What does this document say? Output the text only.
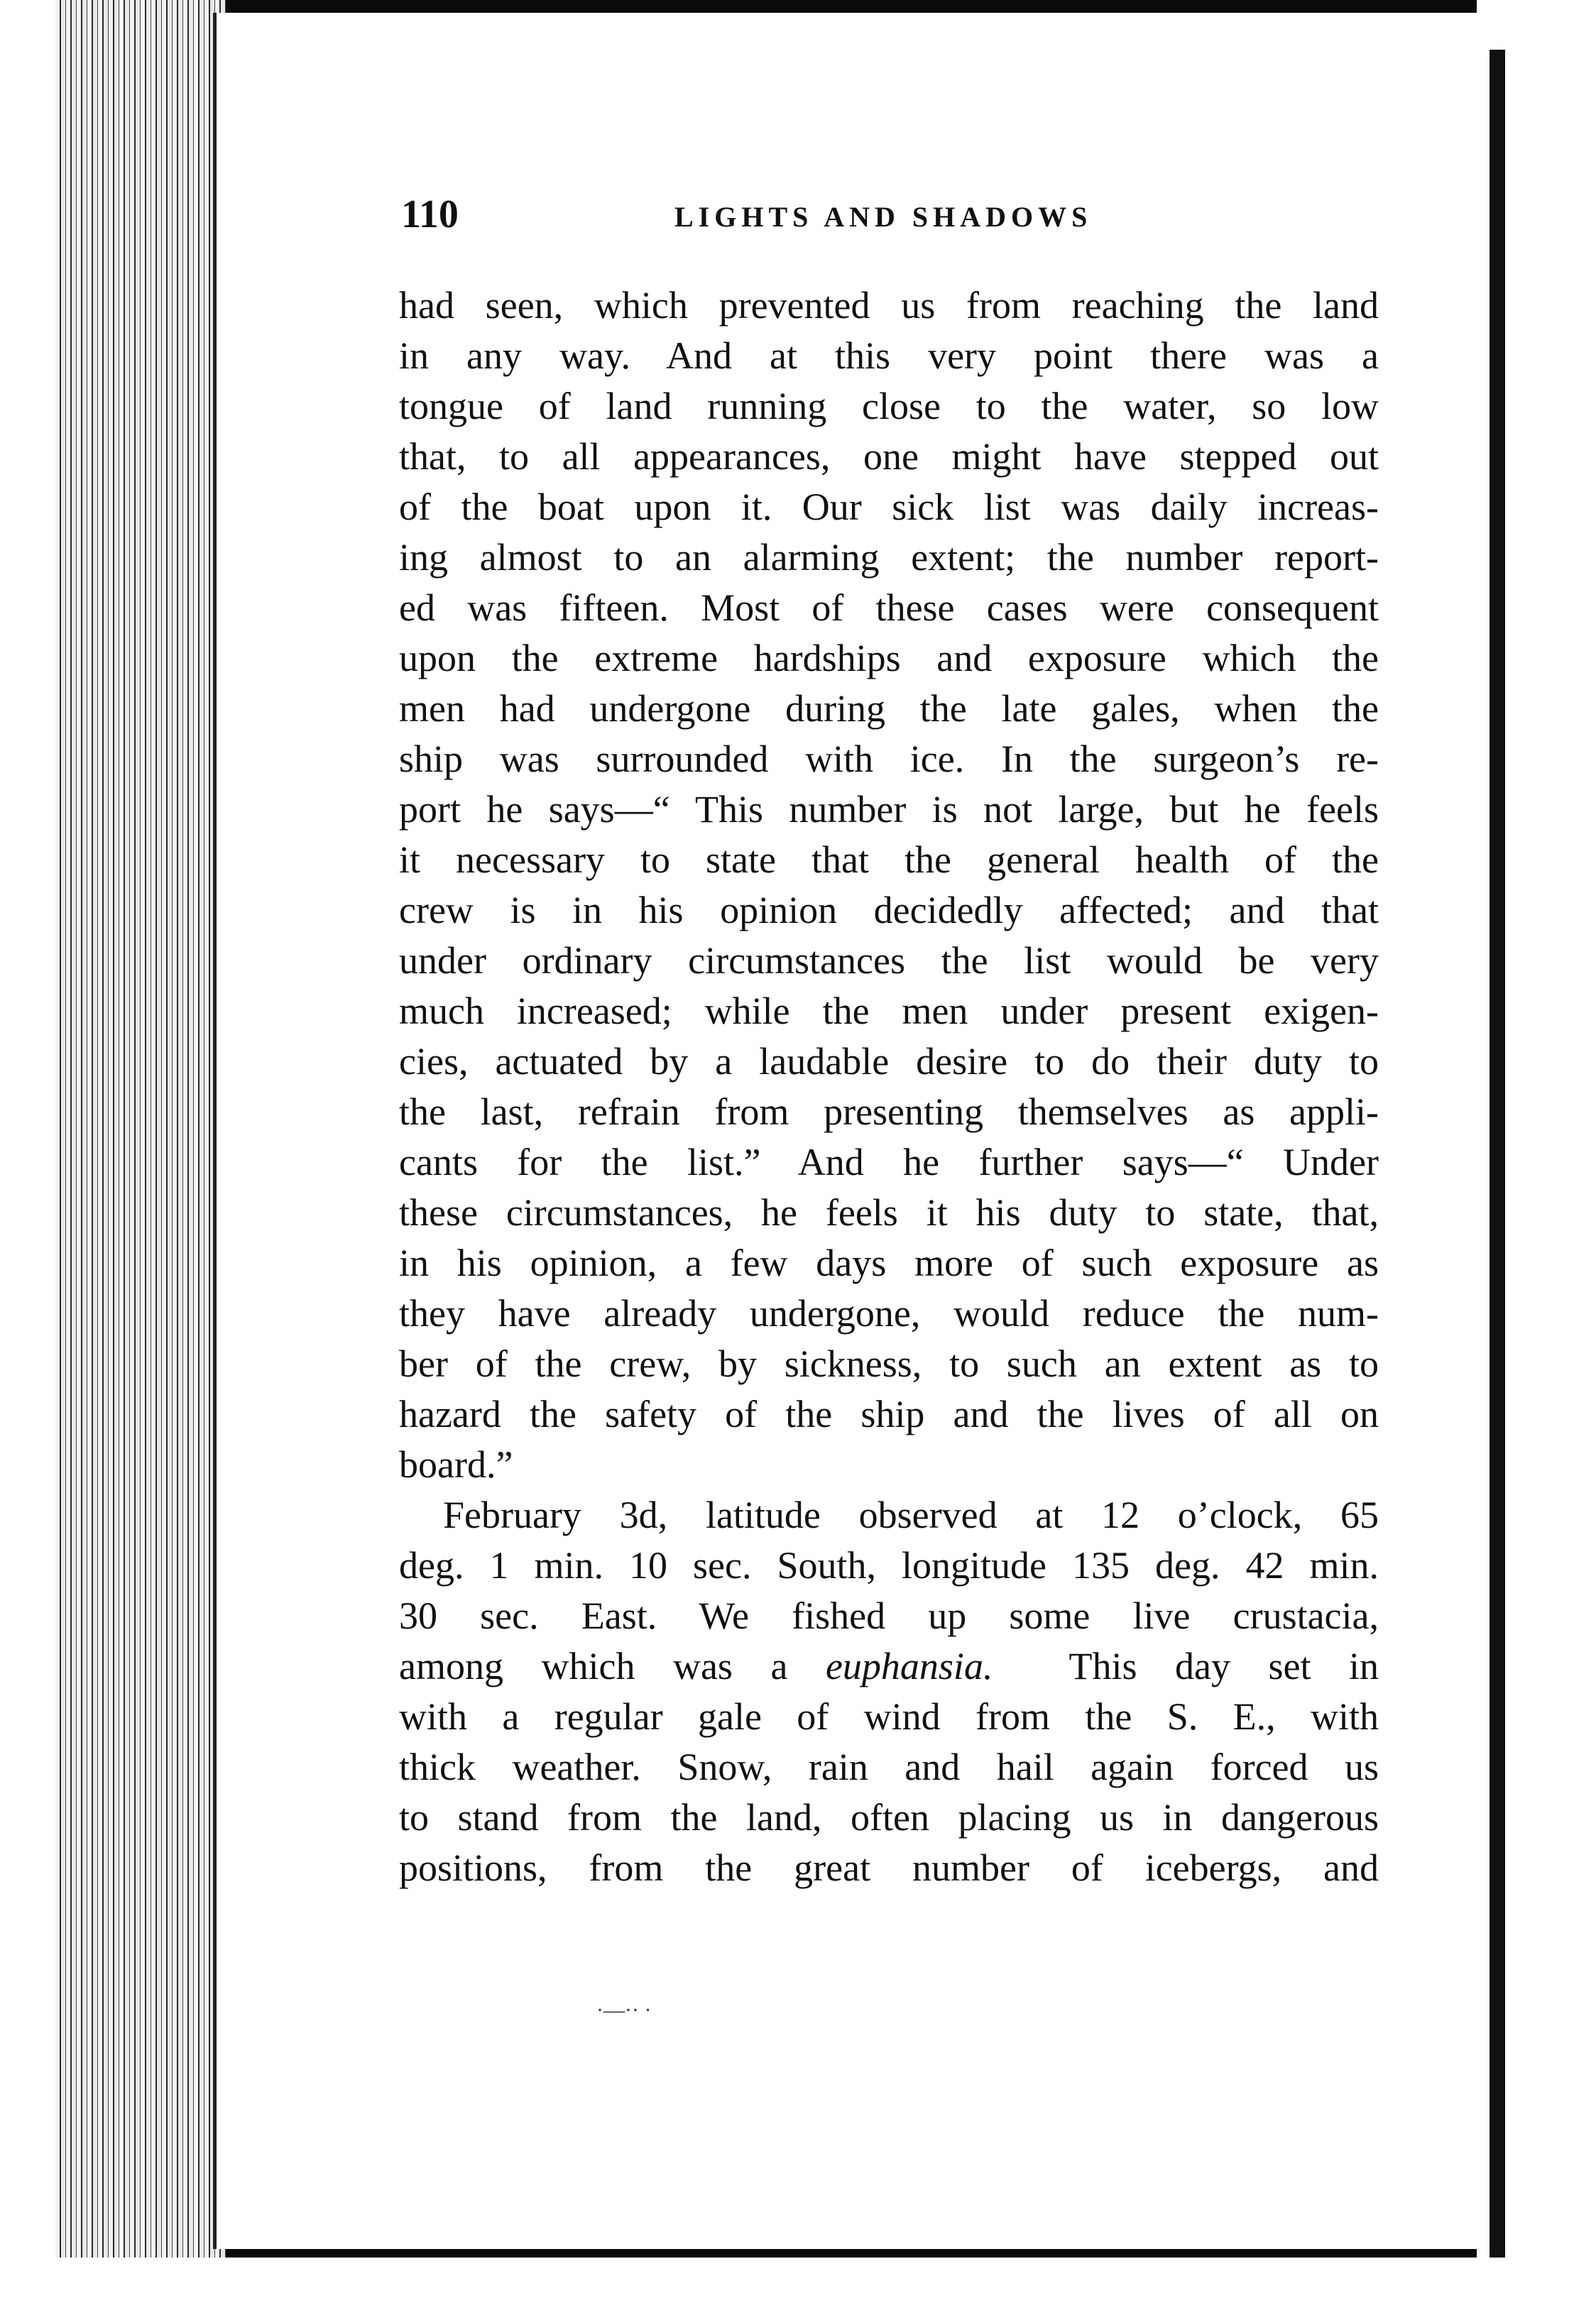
110	LIGHTS AND SHADOWS
had seen, which prevented us from reaching the land
in any way. And at this very point there was a
tongue of land running close to the water, so low
that, to all appearances, one might have stepped out
of the boat upon it. Our sick list was daily increas-
ing almost to an alarming extent; the number report-
ed was fifteen. Most of these cases were consequent
upon the extreme hardships and exposure which the
men had undergone during the late gales, when the
ship was surrounded with ice. In the surgeon’s re-
port he says—“ This number is not large, but he feels
it necessary to state that the general health of the
crew is in his opinion decidedly affected; and that
under ordinary circumstances the list would be very
much increased; while the men under present exigen-
cies, actuated by a laudable desire to do their duty to
the last, refrain from presenting themselves as appli-
cants for the list.” And he further says—“ Under
these circumstances, he feels it his duty to state, that,
in his opinion, a few days more of such exposure as
they have already undergone, would reduce the num-
ber of the crew, by sickness, to such an extent as to
hazard the safety of the ship and the lives of all on
board.”
February 3d, latitude observed at 12 o’clock, 65
deg. 1 min. 10 sec. South, longitude 135 deg. 42 min.
30 sec. East. We fished up some live crustacia,
among which was a euphansia. This day set in
with a regular gale of wind from the S. E., with
thick weather. Snow, rain and hail again forced us
to stand from the land, often placing us in dangerous
positions, from the great number of icebergs, and
·—·· ·
